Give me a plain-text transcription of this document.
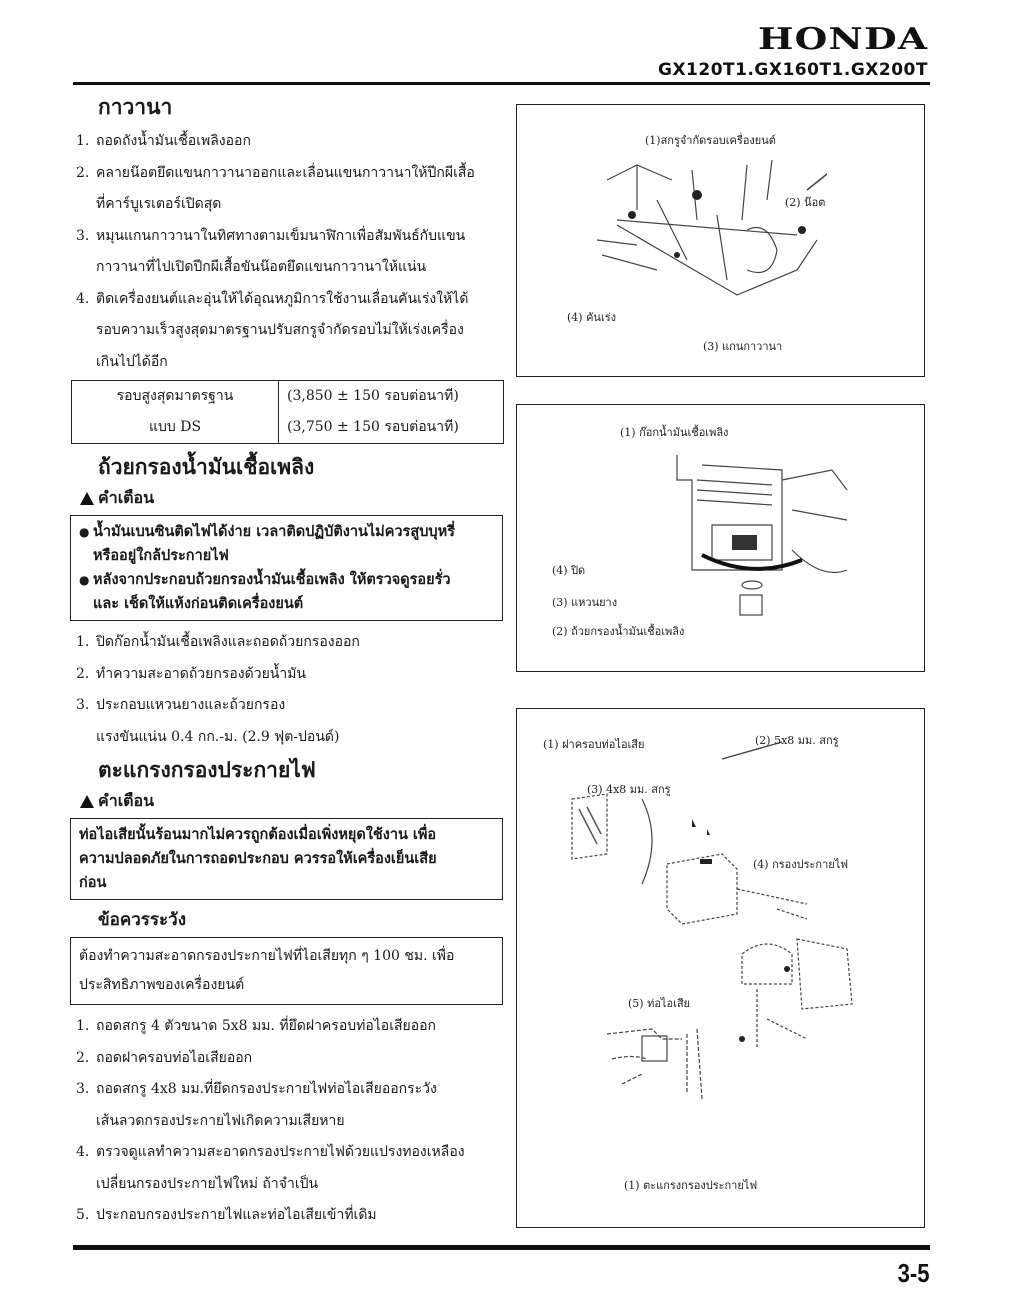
HONDA
GX120T1.GX160T1.GX200T
กาวานา
1. ถอดถังน้ำมันเชื้อเพลิงออก
2. คลายน๊อตยึดแขนกาวานาออกและเลื่อนแขนกาวานาให้ปีกผีเสื้อ
ที่คาร์บูเรเตอร์เปิดสุด
3. หมุนแกนกาวานาในทิศทางตามเข็มนาฬิกาเพื่อสัมพันธ์กับแขน
กาวานาที่ไปเปิดปีกผีเสื้อขันน๊อตยึดแขนกาวานาให้แน่น
4. ติดเครื่องยนต์และอุ่นให้ได้อุณหภูมิการใช้งานเลื่อนคันเร่งให้ได้
รอบความเร็วสูงสุดมาตรฐานปรับสกรูจำกัดรอบไม่ให้เร่งเครื่อง
เกินไปได้อีก
รอบสูงสุดมาตรฐาน	(3,850 ± 150 รอบต่อนาที)
แบบ DS	(3,750 ± 150 รอบต่อนาที)
ถ้วยกรองน้ำมันเชื้อเพลิง
คำเตือน
● น้ำมันเบนซินติดไฟได้ง่าย เวลาติดปฏิบัติงานไม่ควรสูบบุหรี่
หรืออยู่ใกล้ประกายไฟ
● หลังจากประกอบถ้วยกรองน้ำมันเชื้อเพลิง ให้ตรวจดูรอยรั่ว
และ เช็ดให้แห้งก่อนติดเครื่องยนต์
1. ปิดก๊อกน้ำมันเชื้อเพลิงและถอดถ้วยกรองออก
2. ทำความสะอาดถ้วยกรองด้วยน้ำมัน
3. ประกอบแหวนยางและถ้วยกรอง
แรงขันแน่น 0.4 กก.-ม. (2.9 ฟุต-ปอนด์)
ตะแกรงกรองประกายไฟ
คำเตือน
ท่อไอเสียนั้นร้อนมากไม่ควรถูกต้องเมื่อเพิ่งหยุดใช้งาน เพื่อ
ความปลอดภัยในการถอดประกอบ ควรรอให้เครื่องเย็นเสีย
ก่อน
ข้อควรระวัง
ต้องทำความสะอาดกรองประกายไฟที่ไอเสียทุก ๆ 100 ชม. เพื่อ
ประสิทธิภาพของเครื่องยนต์
1. ถอดสกรู 4 ตัวขนาด 5x8 มม. ที่ยึดฝาครอบท่อไอเสียออก
2. ถอดฝาครอบท่อไอเสียออก
3. ถอดสกรู 4x8 มม.ที่ยึดกรองประกายไฟท่อไอเสียออกระวัง
เส้นลวดกรองประกายไฟเกิดความเสียหาย
4. ตรวจดูแลทำความสะอาดกรองประกายไฟด้วยแปรงทองเหลือง
เปลี่ยนกรองประกายไฟใหม่ ถ้าจำเป็น
5. ประกอบกรองประกายไฟและท่อไอเสียเข้าที่เดิม
(1)สกรูจำกัดรอบเครื่องยนต์
(2) น๊อต
(3) แกนกาวานา
(4) คันเร่ง
(1) ก๊อกน้ำมันเชื้อเพลิง
(4) ปิด
(3) แหวนยาง
(2) ถ้วยกรองน้ำมันเชื้อเพลิง
(1) ฝาครอบท่อไอเสีย	(2) 5x8 มม. สกรู
(3) 4x8 มม. สกรู
(4) กรองประกายไฟ
(5) ท่อไอเสีย
(1) ตะแกรงกรองประกายไฟ
3-5
